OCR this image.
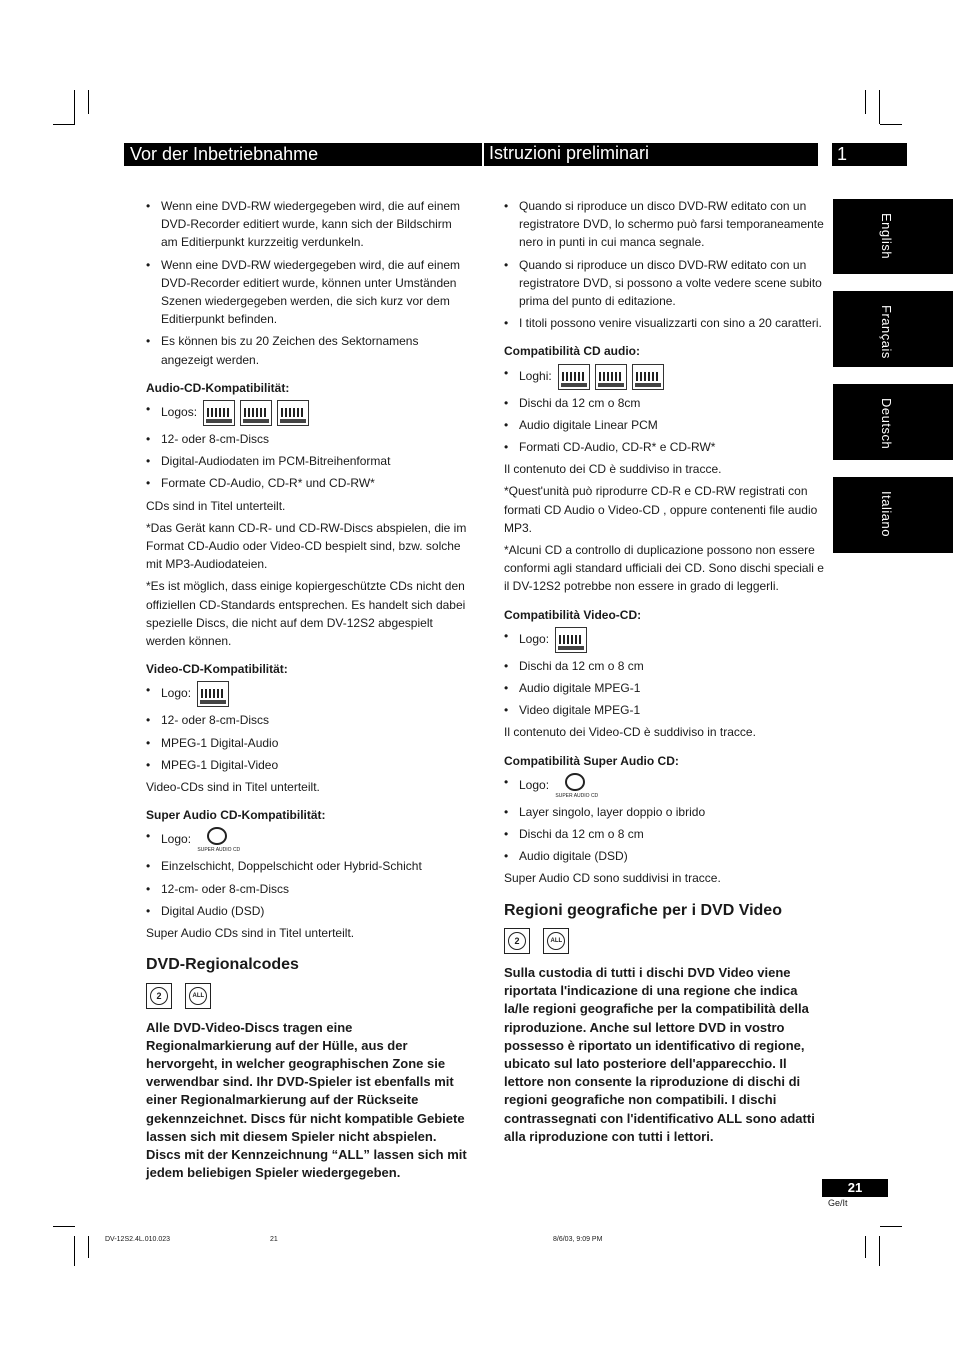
Vor der Inbetriebnahme	Istruzioni preliminari	1
English
Français
Deutsch
Italiano
• Wenn eine DVD-RW wiedergegeben wird, die auf einem DVD-Recorder editiert wurde, kann sich der Bildschirm am Editierpunkt kurzzeitig verdunkeln.
• Wenn eine DVD-RW wiedergegeben wird, die auf einem DVD-Recorder editiert wurde, können unter Umständen Szenen wiedergegeben werden, die sich kurz vor dem Editierpunkt befinden.
• Es können bis zu 20 Zeichen des Sektornamens angezeigt werden.
Audio-CD-Kompatibilität:
• Logos:
• 12- oder 8-cm-Discs
• Digital-Audiodaten im PCM-Bitreihenformat
• Formate CD-Audio, CD-R* und CD-RW*

CDs sind in Titel unterteilt.

*Das Gerät kann CD-R- und CD-RW-Discs abspielen, die im Format CD-Audio oder Video-CD bespielt sind, bzw. solche mit MP3-Audiodateien.

*Es ist möglich, dass einige kopiergeschützte CDs nicht den offiziellen CD-Standards entsprechen. Es handelt sich dabei spezielle Discs, die nicht auf dem DV-12S2 abgespielt werden können.

Video-CD-Kompatibilität:
• Logo:
• 12- oder 8-cm-Discs
• MPEG-1 Digital-Audio
• MPEG-1 Digital-Video

Video-CDs sind in Titel unterteilt.

Super Audio CD-Kompatibilität:
• Logo:
SUPER AUDIO CD
• Einzelschicht, Doppelschicht oder Hybrid-Schicht
• 12-cm- oder 8-cm-Discs
• Digital Audio (DSD)

Super Audio CDs sind in Titel unterteilt.

DVD-Regionalcodes
2
	ALL
Alle DVD-Video-Discs tragen eine Regionalmarkierung auf der Hülle, aus der hervorgeht, in welcher geographischen Zone sie verwendbar sind. Ihr DVD-Spieler ist ebenfalls mit einer Regionalmarkierung auf der Rückseite gekennzeichnet. Discs für nicht kompatible Gebiete lassen sich mit diesem Spieler nicht abspielen. Discs mit der Kennzeichnung “ALL” lassen sich mit jedem beliebigen Spieler wiedergegeben.
• Quando si riproduce un disco DVD-RW editato con un registratore DVD, lo schermo può farsi temporaneamente nero in punti in cui manca segnale.
• Quando si riproduce un disco DVD-RW editato con un registratore DVD, si possono a volte vedere scene subito prima del punto di editazione.
• I titoli possono venire visualizzarti con sino a 20 caratteri.
Compatibilità CD audio:
• Loghi:
• Dischi da 12 cm o 8cm
• Audio digitale Linear PCM
• Formati CD-Audio, CD-R* e CD-RW*

Il contenuto dei CD è suddiviso in tracce.

*Quest'unità può riprodurre CD-R e CD-RW registrati con formati CD Audio o Video-CD , oppure contenenti file audio MP3.

*Alcuni CD a controllo di duplicazione possono non essere conformi agli standard ufficiali dei CD. Sono dischi speciali e il DV-12S2 potrebbe non essere in grado di leggerli.

Compatibilità Video-CD:
• Logo:
• Dischi da 12 cm o 8 cm
• Audio digitale MPEG-1
• Video digitale MPEG-1

Il contenuto dei Video-CD è suddiviso in tracce.

Compatibilità Super Audio CD:
• Logo:
SUPER AUDIO CD
• Layer singolo, layer doppio o ibrido
• Dischi da 12 cm o 8 cm
• Audio digitale (DSD)

Super Audio CD sono suddivisi in tracce.

Regioni geografiche per i DVD Video
2
	ALL
Sulla custodia di tutti i dischi DVD Video viene riportata l'indicazione di una regione che indica la/le regioni geografiche per la compatibilità della riproduzione. Anche sul lettore DVD in vostro possesso è riportato un identificativo di regione, ubicato sul lato posteriore dell'apparecchio. Il lettore non consente la riproduzione di dischi di regioni geografiche non compatibili. I dischi contrassegnati con l'identificativo ALL sono adatti alla riproduzione con tutti i lettori.
21
Ge/It
DV-12S2.4L.010.023	21	8/6/03, 9:09 PM
